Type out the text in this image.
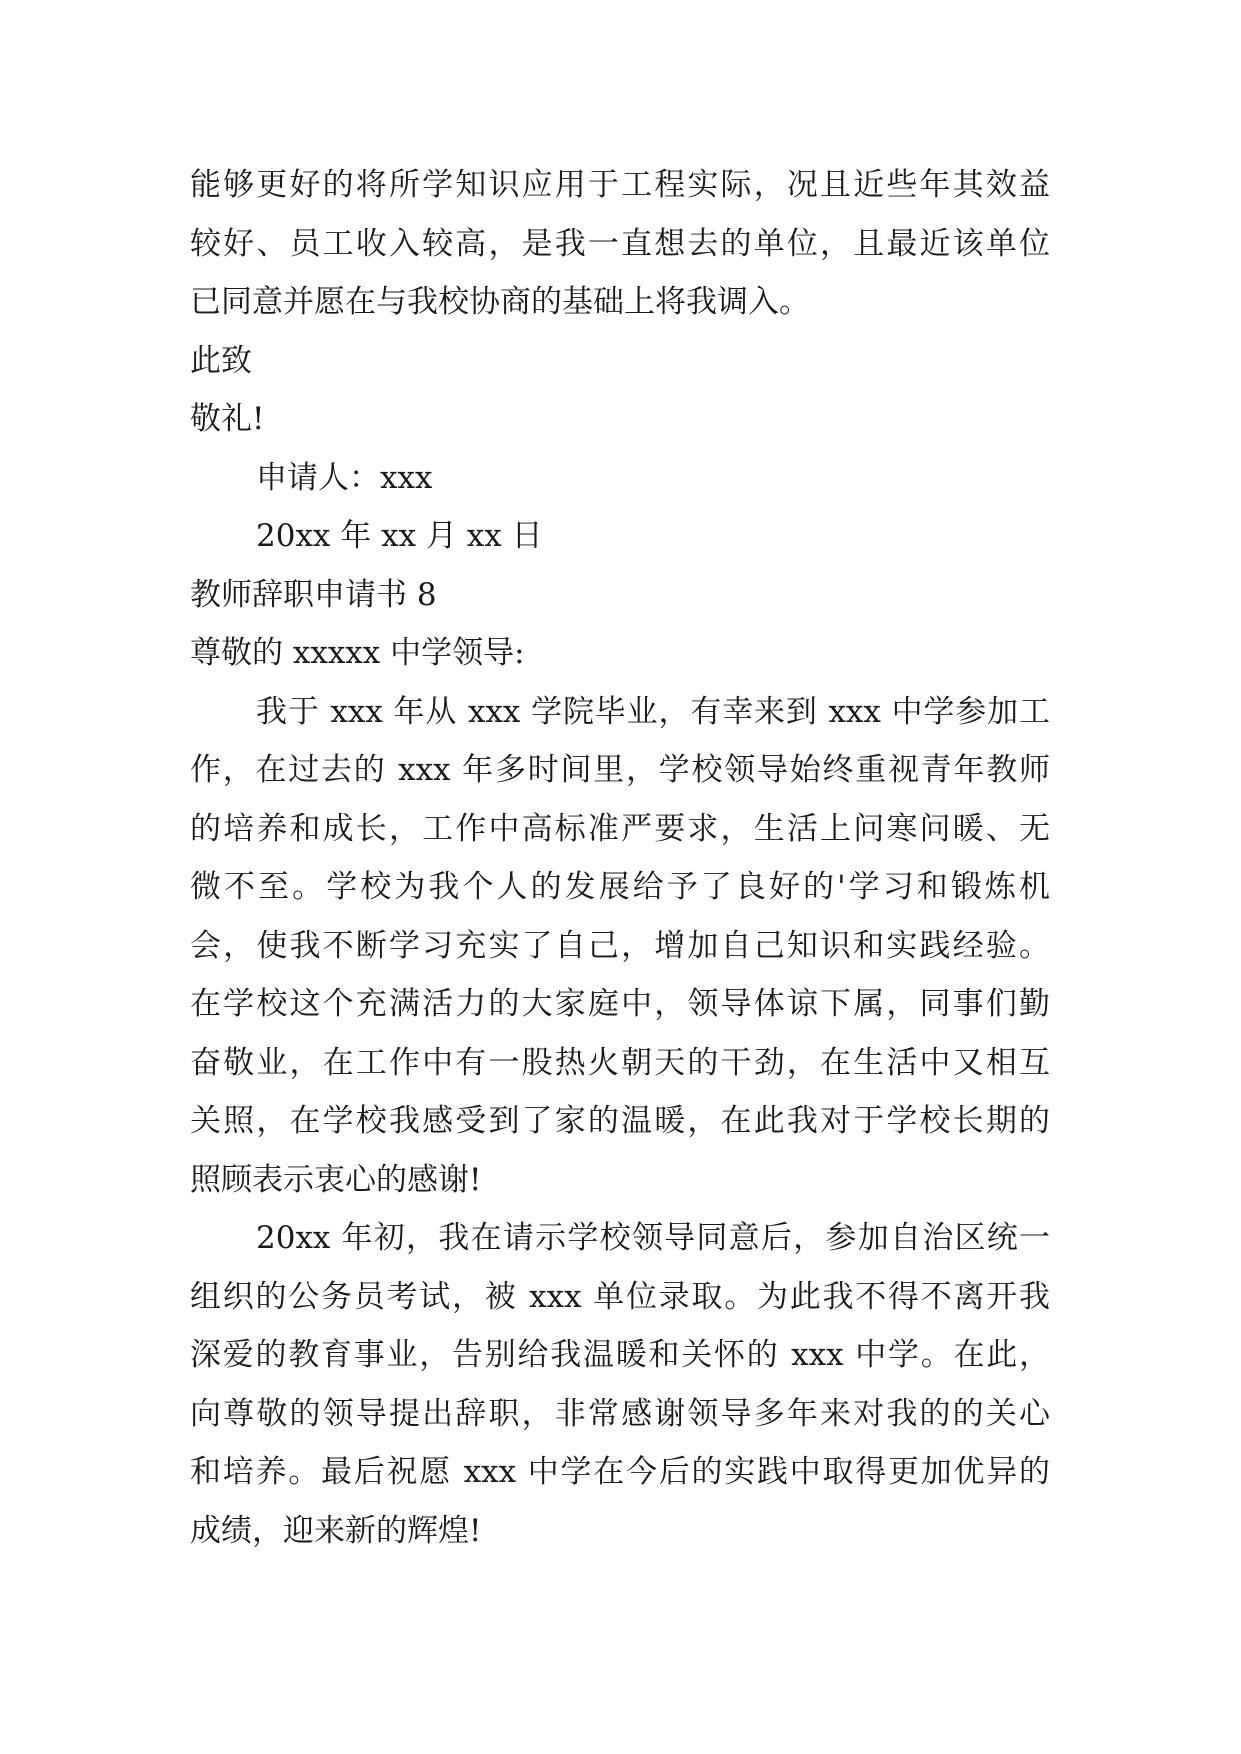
能够更好的将所学知识应用于工程实际，况且近些年其效益
较好、员工收入较高，是我一直想去的单位，且最近该单位
已同意并愿在与我校协商的基础上将我调入。
此致
敬礼!
申请人：xxx
20xx 年 xx 月 xx 日
教师辞职申请书 8
尊敬的 xxxxx 中学领导:
我于 xxx 年从 xxx 学院毕业，有幸来到 xxx 中学参加工
作，在过去的 xxx 年多时间里，学校领导始终重视青年教师
的培养和成长，工作中高标准严要求，生活上问寒问暖、无
微不至。学校为我个人的发展给予了良好的'学习和锻炼机
会，使我不断学习充实了自己，增加自己知识和实践经验。
在学校这个充满活力的大家庭中，领导体谅下属，同事们勤
奋敬业，在工作中有一股热火朝天的干劲，在生活中又相互
关照，在学校我感受到了家的温暖，在此我对于学校长期的
照顾表示衷心的感谢!
20xx 年初，我在请示学校领导同意后，参加自治区统一
组织的公务员考试，被 xxx 单位录取。为此我不得不离开我
深爱的教育事业，告别给我温暖和关怀的 xxx 中学。在此，
向尊敬的领导提出辞职，非常感谢领导多年来对我的的关心
和培养。最后祝愿 xxx 中学在今后的实践中取得更加优异的
成绩，迎来新的辉煌!
